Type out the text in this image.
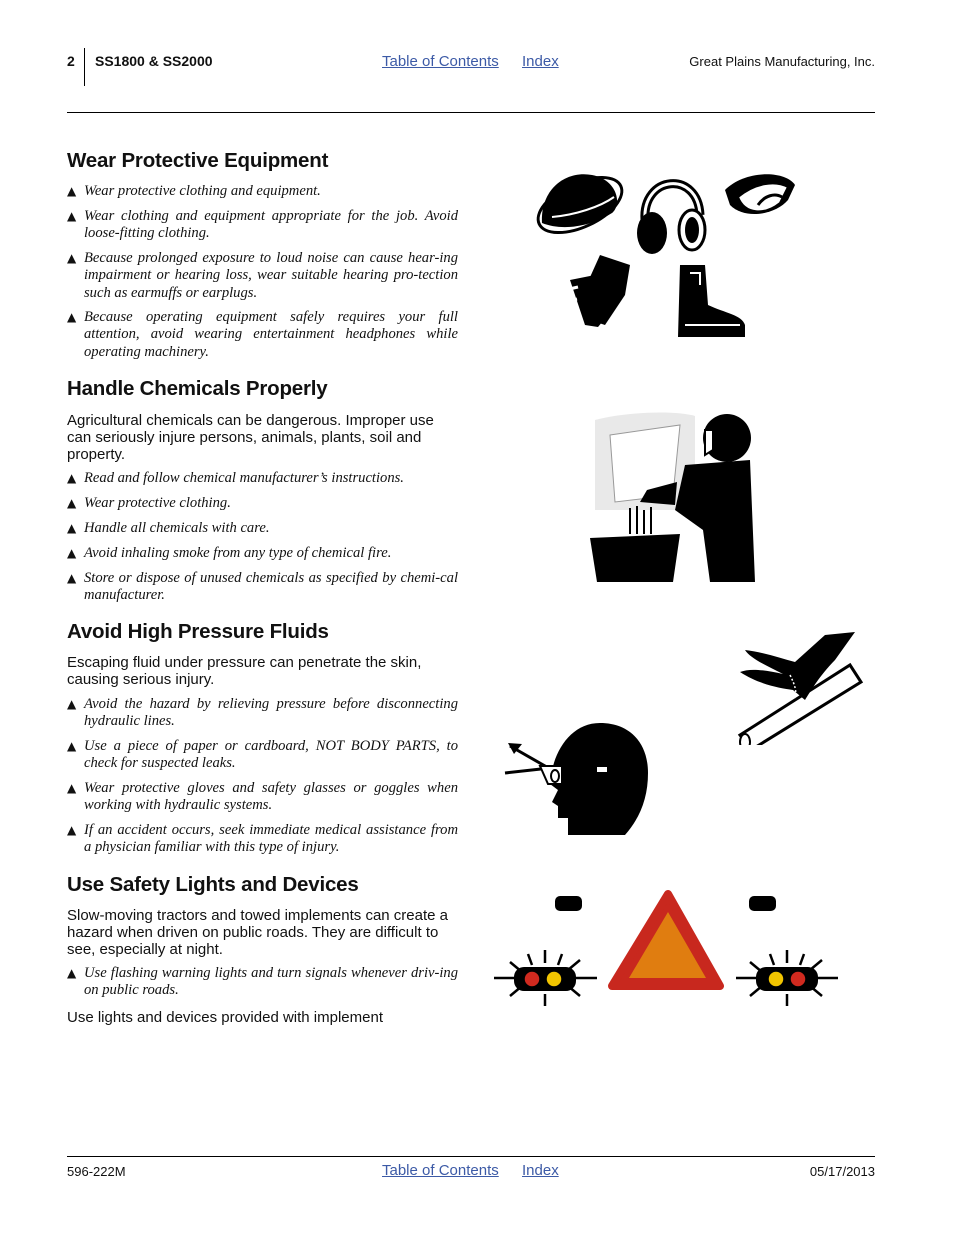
2 SS1800 & SS2000	Table of Contents Index	Great Plains Manufacturing, Inc.
Wear Protective Equipment
▲ Wear protective clothing and equipment.
▲ Wear clothing and equipment appropriate for the job. Avoid loose-fitting clothing.
▲ Because prolonged exposure to loud noise can cause hear-ing impairment or hearing loss, wear suitable hearing pro-tection such as earmuffs or earplugs.
▲ Because operating equipment safely requires your full attention, avoid wearing entertainment headphones while operating machinery.
Handle Chemicals Properly
Agricultural chemicals can be dangerous. Improper use can seriously injure persons, animals, plants, soil and property.
▲ Read and follow chemical manufacturer’s instructions.
▲ Wear protective clothing.
▲ Handle all chemicals with care.
▲ Avoid inhaling smoke from any type of chemical fire.
▲ Store or dispose of unused chemicals as specified by chemi-cal manufacturer.
Avoid High Pressure Fluids
Escaping fluid under pressure can penetrate the skin, causing serious injury.
▲ Avoid the hazard by relieving pressure before disconnecting hydraulic lines.
▲ Use a piece of paper or cardboard, NOT BODY PARTS, to check for suspected leaks.
▲ Wear protective gloves and safety glasses or goggles when working with hydraulic systems.
▲ If an accident occurs, seek immediate medical assistance from a physician familiar with this type of injury.
Use Safety Lights and Devices
Slow-moving tractors and towed implements can create a hazard when driven on public roads. They are difficult to see, especially at night.
▲ Use flashing warning lights and turn signals whenever driv-ing on public roads.
Use lights and devices provided with implement
596-222M	Table of Contents Index	05/17/2013
